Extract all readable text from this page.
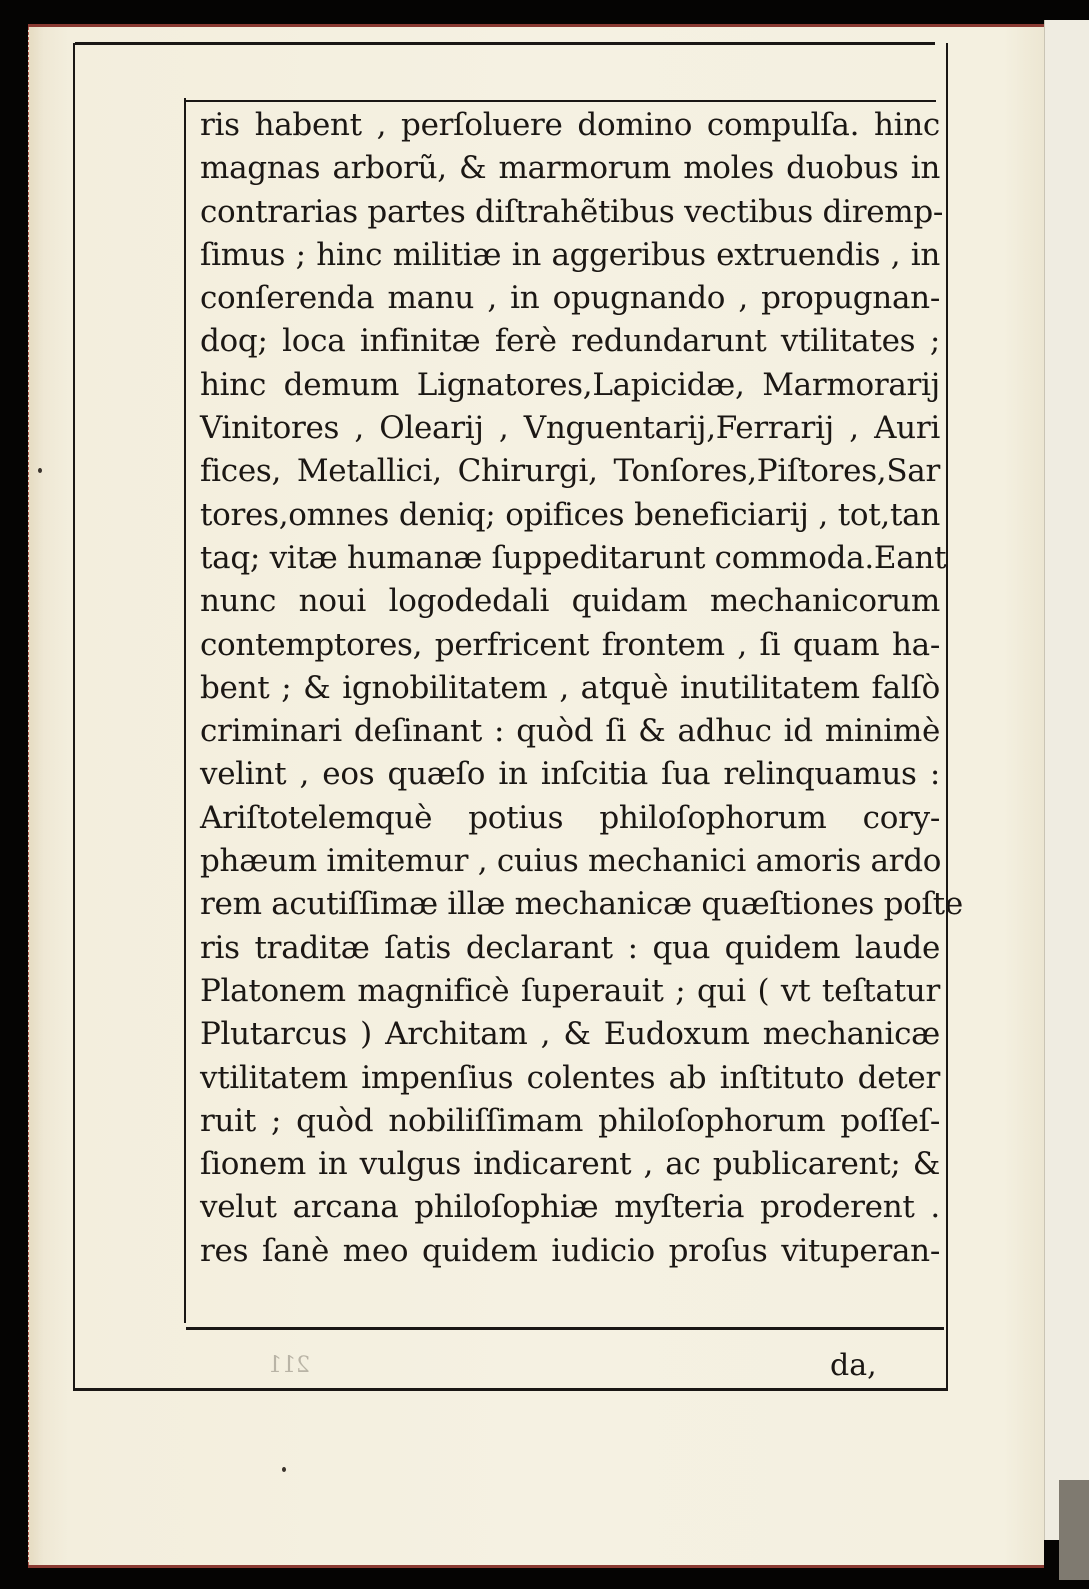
ris habent , perſoluere domino compulſa. hinc
magnas arborũ, & marmorum moles duobus in
contrarias partes diſtrahẽtibus vectibus diremp-
ſimus ; hinc militiæ in aggeribus extruendis , in
conſerenda manu , in opugnando , propugnan-
doq; loca infinitæ ferè redundarunt vtilitates ;
hinc demum Lignatores,Lapicidæ, Marmorarij
Vinitores , Olearij , Vnguentarij,Ferrarij , Auri
fices, Metallici, Chirurgi, Tonſores,Piſtores,Sar
tores,omnes deniq; opifices beneficiarij , tot,tan
taq; vitæ humanæ ſuppeditarunt commoda.Eant
nunc noui logodedali quidam mechanicorum
contemptores, perfricent frontem , ſi quam ha-
bent ; & ignobilitatem , atquè inutilitatem falſò
criminari deſinant : quòd ſi & adhuc id minimè
velint , eos quæſo in inſcitia ſua relinquamus :
Ariſtotelemquè potius philoſophorum cory-
phæum imitemur , cuius mechanici amoris ardo
rem acutiſſimæ illæ mechanicæ quæſtiones poſte
ris traditæ ſatis declarant : qua quidem laude
Platonem magnificè ſuperauit ; qui ( vt teſtatur
Plutarcus ) Architam , & Eudoxum mechanicæ
vtilitatem impenſius colentes ab inſtituto deter
ruit ; quòd nobiliſſimam philoſophorum poſſeſ-
ſionem in vulgus indicarent , ac publicarent; &
velut arcana philoſophiæ myſteria proderent .
res ſanè meo quidem iudicio proſus vituperan-
211	da,
